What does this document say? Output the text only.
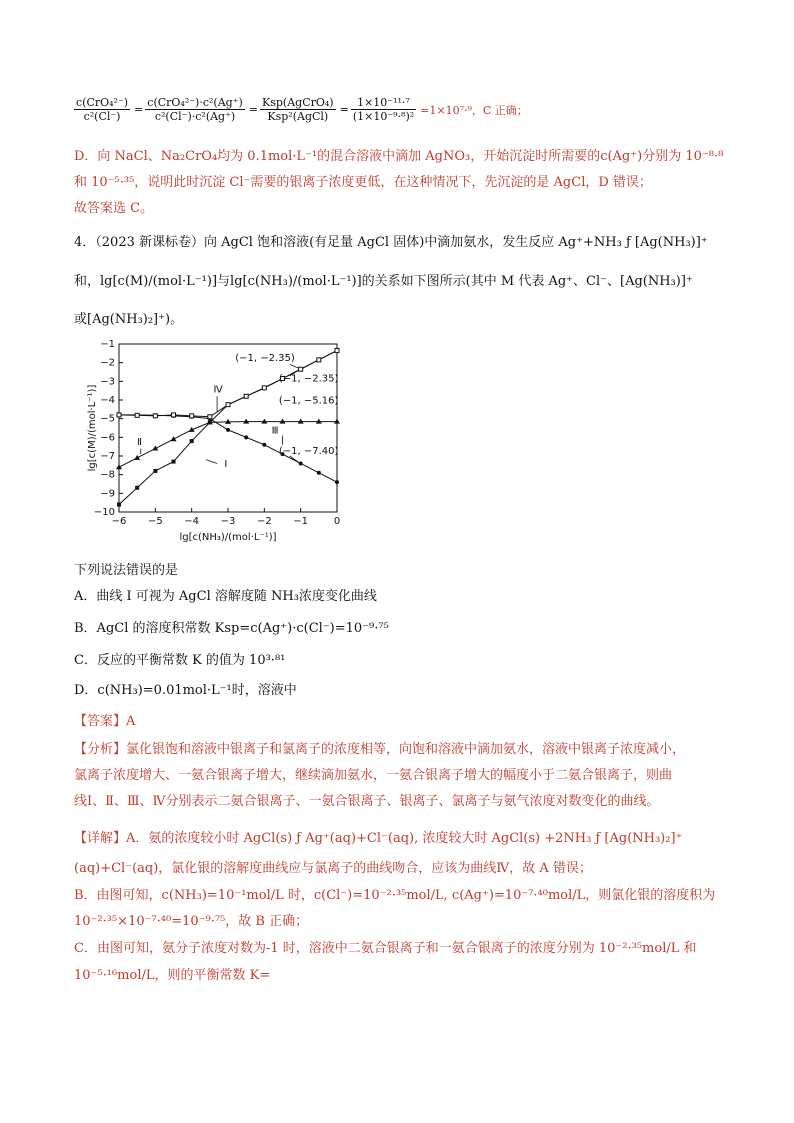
$\frac{\text{c(CrO₄²⁻)}}{\text{c²(Cl⁻)}} = \frac{\text{c(CrO₄²⁻)·c²(Ag⁺)}}{\text{c²(Cl⁻)·c²(Ag⁺)}} = \frac{\text{Ksp(AgCrO₄)}}{\text{Ksp²(AgCl)}} = \frac{\text{1×10⁻¹¹·⁷}}{\text{(1×10⁻⁹·⁸)²}} =1\times 10^7\cdot^9$，C 正确；
D．向 NaCl、Na₂CrO₄均为 0.1mol·L⁻¹的混合溶液中滴加 AgNO₃，开始沉淀时所需要的c(Ag⁺)分别为 10⁻⁸·⁸
和 10⁻⁵·³⁵，说明此时沉淀 Cl⁻需要的银离子浓度更低，在这种情况下，先沉淀的是 AgCl，D 错误；
故答案选 C。
4．（2023 新课标卷）向 AgCl 饱和溶液(有足量 AgCl 固体)中滴加氨水，发生反应 Ag⁺+NH₃ ƒ [Ag(NH₃)]⁺
和，lg[c(M)/(mol·L⁻¹)]与lg[c(NH₃)/(mol·L⁻¹)]的关系如下图所示(其中 M 代表 Ag⁺、Cl⁻、[Ag(NH₃)]⁺
或[Ag(NH₃)₂]⁺)。
−6 −5 −4 −3 −2 −1	0
−1
−2
−3
−4
−5
−6
−7
−8
−9
−10
lg[c(NH₃)/(mol·L⁻¹)]
lg[c(M)/(mol·L⁻¹)]
(−1, −2.35)
(−1, −2.35)
(−1, −5.16)
(−1, −7.40)
Ⅰ
Ⅱ
Ⅲ
Ⅳ
下列说法错误的是
A．曲线 I 可视为 AgCl 溶解度随 NH₃浓度变化曲线
B．AgCl 的溶度积常数 Ksp=c(Ag⁺)·c(Cl⁻)=10⁻⁹·⁷⁵
C．反应的平衡常数 K 的值为 10³·⁸¹
D．c(NH₃)=0.01mol·L⁻¹时，溶液中
【答案】A
【分析】氯化银饱和溶液中银离子和氯离子的浓度相等，向饱和溶液中滴加氨水，溶液中银离子浓度减小，
氯离子浓度增大、一氨合银离子增大，继续滴加氨水，一氨合银离子增大的幅度小于二氨合银离子，则曲
线Ⅰ、Ⅱ、Ⅲ、Ⅳ分别表示二氨合银离子、一氨合银离子、银离子、氯离子与氨气浓度对数变化的曲线。
【详解】A．氨的浓度较小时 AgCl(s) ƒ Ag⁺(aq)+Cl⁻(aq), 浓度较大时 AgCl(s) +2NH₃ ƒ [Ag(NH₃)₂]⁺
(aq)+Cl⁻(aq)，氯化银的溶解度曲线应与氯离子的曲线吻合，应该为曲线Ⅳ，故 A 错误；
B．由图可知，c(NH₃)=10⁻¹mol/L 时，c(Cl⁻)=10⁻²·³⁵mol/L, c(Ag⁺)=10⁻⁷·⁴⁰mol/L，则氯化银的溶度积为
10⁻²·³⁵×10⁻⁷·⁴⁰=10⁻⁹·⁷⁵，故 B 正确；
C．由图可知，氨分子浓度对数为-1 时，溶液中二氨合银离子和一氨合银离子的浓度分别为 10⁻²·³⁵mol/L 和
10⁻⁵·¹⁶mol/L，则的平衡常数 K=
